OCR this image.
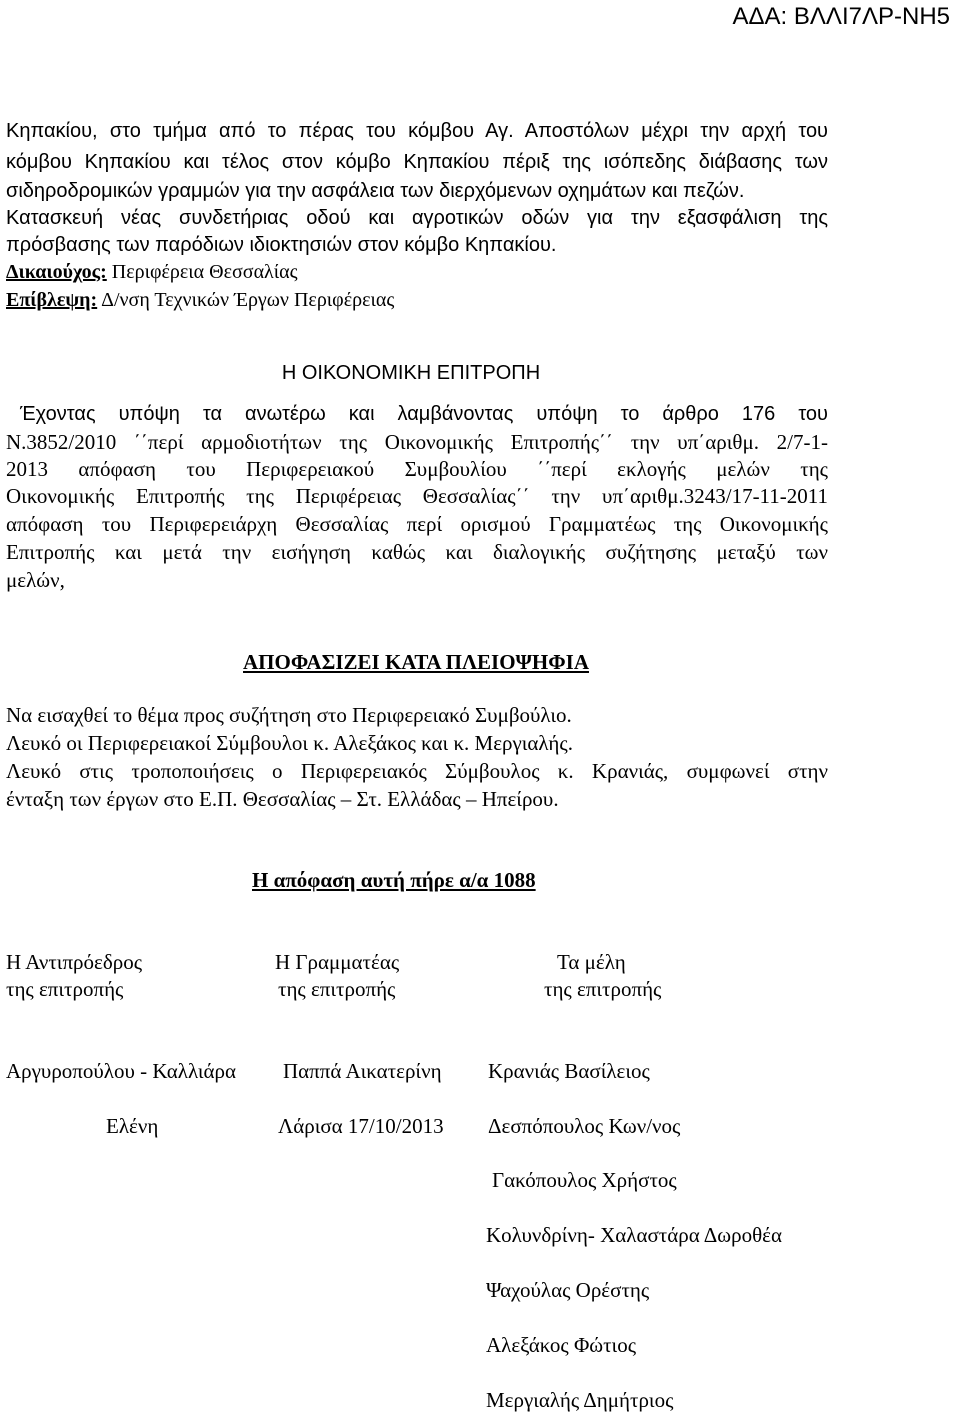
ΑΔΑ: ΒΛΛΙ7ΛΡ-ΝΗ5
Κηπακίου, στο τμήμα από το πέρας του κόμβου Αγ. Αποστόλων μέχρι την αρχή του
κόμβου Κηπακίου και τέλος στον κόμβο Κηπακίου πέριξ της ισόπεδης διάβασης των
σιδηροδρομικών γραμμών για την ασφάλεια των διερχόμενων οχημάτων και πεζών.
Κατασκευή νέας συνδετήριας οδού και αγροτικών οδών για την εξασφάλιση της
πρόσβασης των παρόδιων ιδιοκτησιών στον κόμβο Κηπακίου.
Δικαιούχος: Περιφέρεια Θεσσαλίας
Επίβλεψη: Δ/νση Τεχνικών Έργων Περιφέρειας
Η ΟΙΚΟΝΟΜΙΚΗ ΕΠΙΤΡΟΠΗ
Έχοντας υπόψη τα ανωτέρω και λαμβάνοντας υπόψη το άρθρο 176 του
Ν.3852/2010 ΄΄περί αρμοδιοτήτων της Οικονομικής Επιτροπής΄΄ την υπ΄αριθμ. 2/7-1-
2013 απόφαση του Περιφερειακού Συμβουλίου ΄΄περί εκλογής μελών της
Οικονομικής Επιτροπής της Περιφέρειας Θεσσαλίας΄΄ την υπ΄αριθμ.3243/17-11-2011
απόφαση του Περιφερειάρχη Θεσσαλίας περί ορισμού Γραμματέως της Οικονομικής
Επιτροπής και μετά την εισήγηση καθώς και διαλογικής συζήτησης μεταξύ των
μελών,
ΑΠΟΦΑΣΙΖΕΙ ΚΑΤΑ ΠΛΕΙΟΨΗΦΙΑ
Να εισαχθεί το θέμα προς συζήτηση στο Περιφερειακό Συμβούλιο.
Λευκό οι Περιφερειακοί Σύμβουλοι κ. Αλεξάκος και κ. Μεργιαλής.
Λευκό στις τροποποιήσεις ο Περιφερειακός Σύμβουλος κ. Κρανιάς, συμφωνεί στην
ένταξη των έργων στο Ε.Π. Θεσσαλίας – Στ. Ελλάδας – Ηπείρου.
Η απόφαση αυτή πήρε α/α 1088
Η Αντιπρόεδρος
της επιτροπής
Η Γραμματέας
της επιτροπής
Τα μέλη
της επιτροπής
Αργυροπούλου - Καλλιάρα Παππά Αικατερίνη Κρανιάς Βασίλειος
Ελένη	Λάρισα 17/10/2013 Δεσπόπουλος Κων/νος
Γακόπουλος Χρήστος
Κολυνδρίνη- Χαλαστάρα Δωροθέα
Ψαχούλας Ορέστης
Αλεξάκος Φώτιος
Μεργιαλής Δημήτριος
